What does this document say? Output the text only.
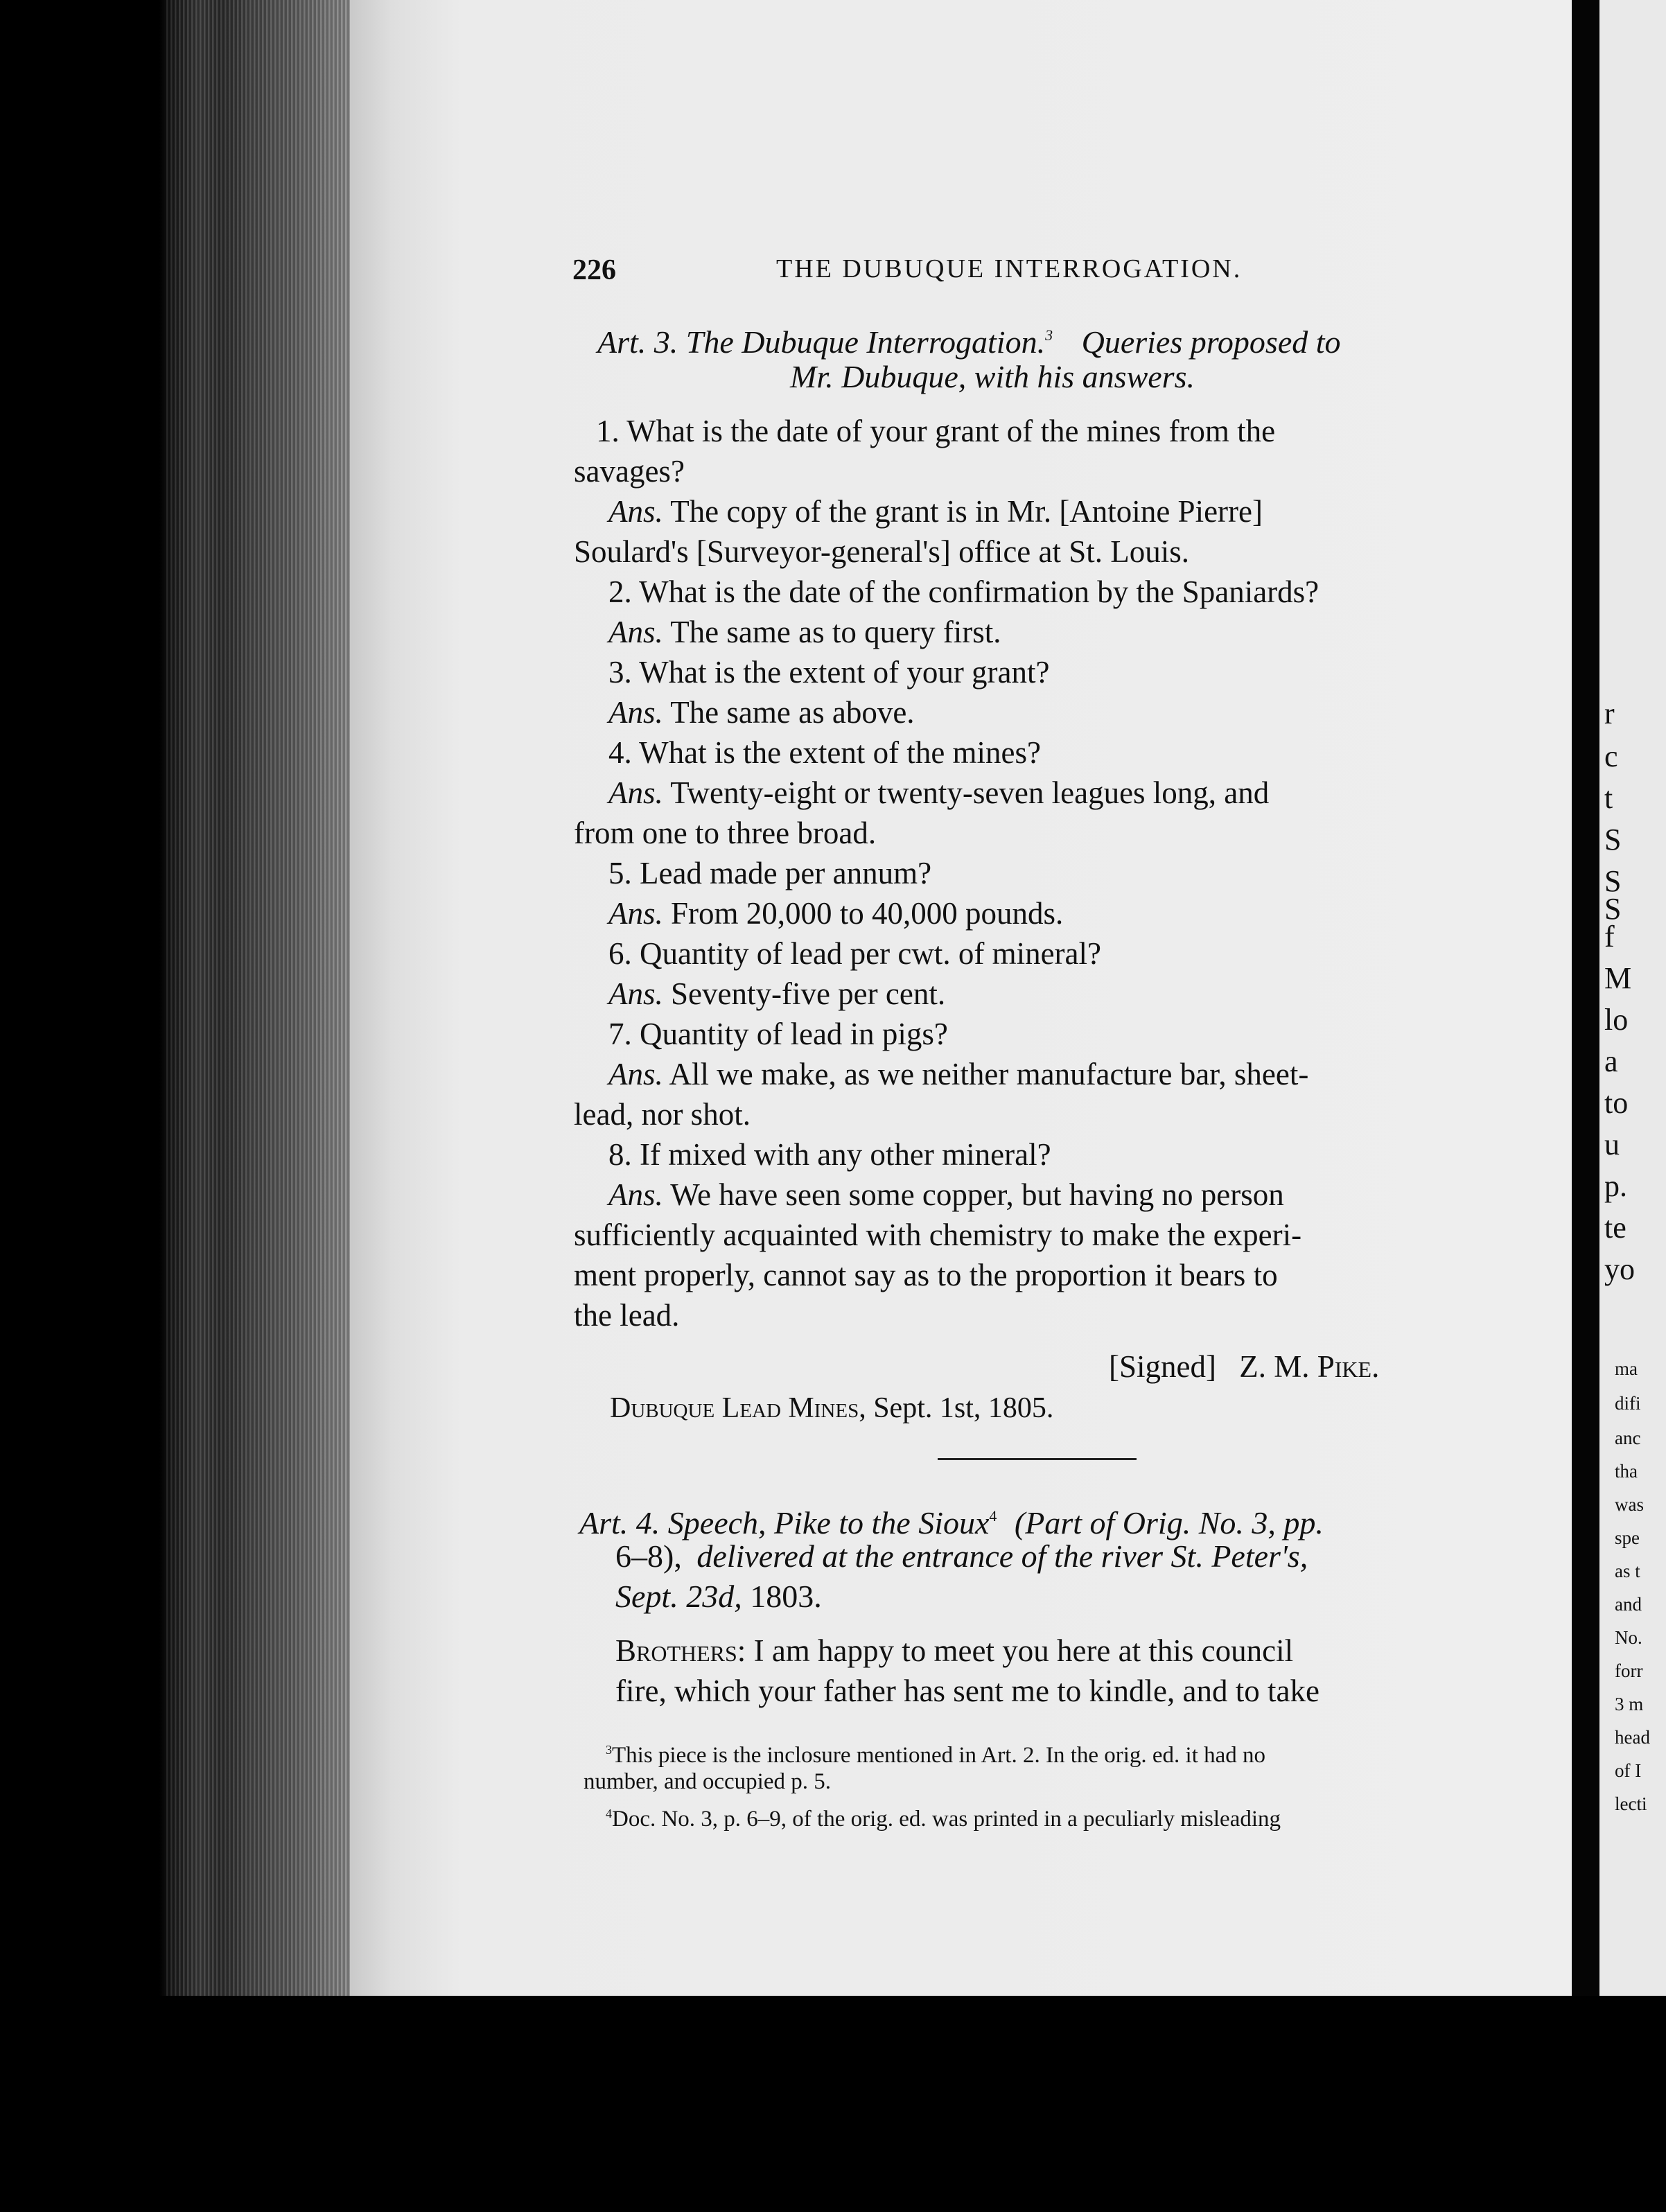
226	THE DUBUQUE INTERROGATION.
Art. 3. The Dubuque Interrogation.$^3$ Queries proposed to
Mr. Dubuque, with his answers.
1. What is the date of your grant of the mines from the
savages?
Ans. The copy of the grant is in Mr. [Antoine Pierre]
Soulard's [Surveyor-general's] office at St. Louis.
2. What is the date of the confirmation by the Spaniards?
Ans. The same as to query first.
3. What is the extent of your grant?
Ans. The same as above.
4. What is the extent of the mines?
Ans. Twenty-eight or twenty-seven leagues long, and
from one to three broad.
5. Lead made per annum?
Ans. From 20,000 to 40,000 pounds.
6. Quantity of lead per cwt. of mineral?
Ans. Seventy-five per cent.
7. Quantity of lead in pigs?
Ans. All we make, as we neither manufacture bar, sheet-
lead, nor shot.
8. If mixed with any other mineral?
Ans. We have seen some copper, but having no person
sufficiently acquainted with chemistry to make the experi-
ment properly, cannot say as to the proportion it bears to
the lead.
[Signed] Z. M. Pike.
Dubuque Lead Mines, Sept. 1st, 1805.
Art. 4. Speech, Pike to the Sioux$^4$ (Part of Orig. No. 3, pp.
6–8), delivered at the entrance of the river St. Peter's,
Sept. 23d, 1803.
Brothers: I am happy to meet you here at this council
fire, which your father has sent me to kindle, and to take
$^3$This piece is the inclosure mentioned in Art. 2. In the orig. ed. it had no
number, and occupied p. 5.
$^4$Doc. No. 3, p. 6–9, of the orig. ed. was printed in a peculiarly misleading
r
c
t
S
S
S
f
M
lo
a
to
u
p.
te
yo
ma
difi
anc
tha
was
spe
as t
and
No.
forr
3 m
head
of I
lecti
